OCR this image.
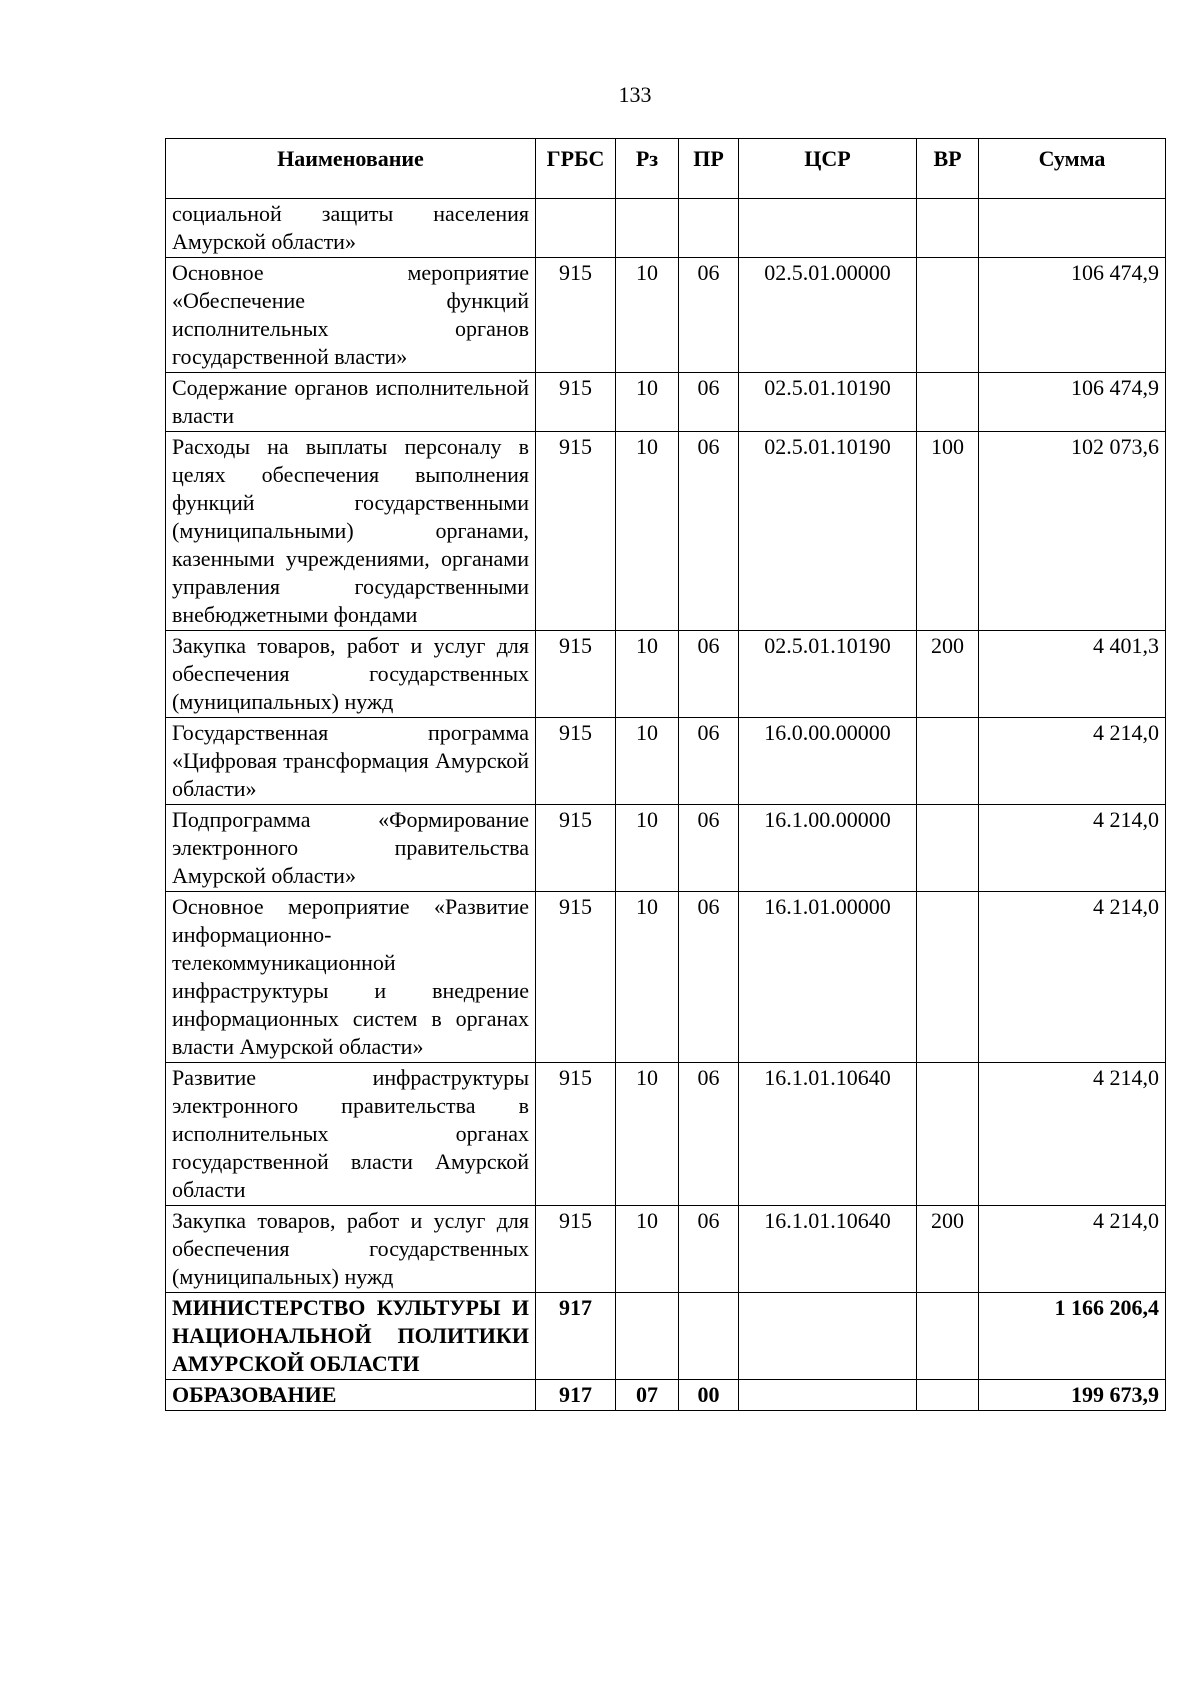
133
Наименование	ГРБС	Рз	ПР	ЦСР	ВР	Сумма
социальной защиты населения Амурской области»						
Основное мероприятие «Обеспечение функций исполнительных органов государственной власти»	915	10	06	02.5.01.00000		106 474,9
Содержание органов исполнительной власти	915	10	06	02.5.01.10190		106 474,9
Расходы на выплаты персоналу в целях обеспечения выполнения функций государственными (муниципальными) органами, казенными учреждениями, органами управления государственными внебюджетными фондами	915	10	06	02.5.01.10190	100	102 073,6
Закупка товаров, работ и услуг для обеспечения государственных (муниципальных) нужд	915	10	06	02.5.01.10190	200	4 401,3
Государственная программа «Цифровая трансформация Амурской области»	915	10	06	16.0.00.00000		4 214,0
Подпрограмма «Формирование электронного правительства Амурской области»	915	10	06	16.1.00.00000		4 214,0
Основное мероприятие «Развитие информационно-телекоммуникационной инфраструктуры и внедрение информационных систем в органах власти Амурской области»	915	10	06	16.1.01.00000		4 214,0
Развитие инфраструктуры электронного правительства в исполнительных органах государственной власти Амурской области	915	10	06	16.1.01.10640		4 214,0
Закупка товаров, работ и услуг для обеспечения государственных (муниципальных) нужд	915	10	06	16.1.01.10640	200	4 214,0
МИНИСТЕРСТВО КУЛЬТУРЫ И НАЦИОНАЛЬНОЙ ПОЛИТИКИ АМУРСКОЙ ОБЛАСТИ	917					1 166 206,4
ОБРАЗОВАНИЕ	917	07	00			199 673,9
